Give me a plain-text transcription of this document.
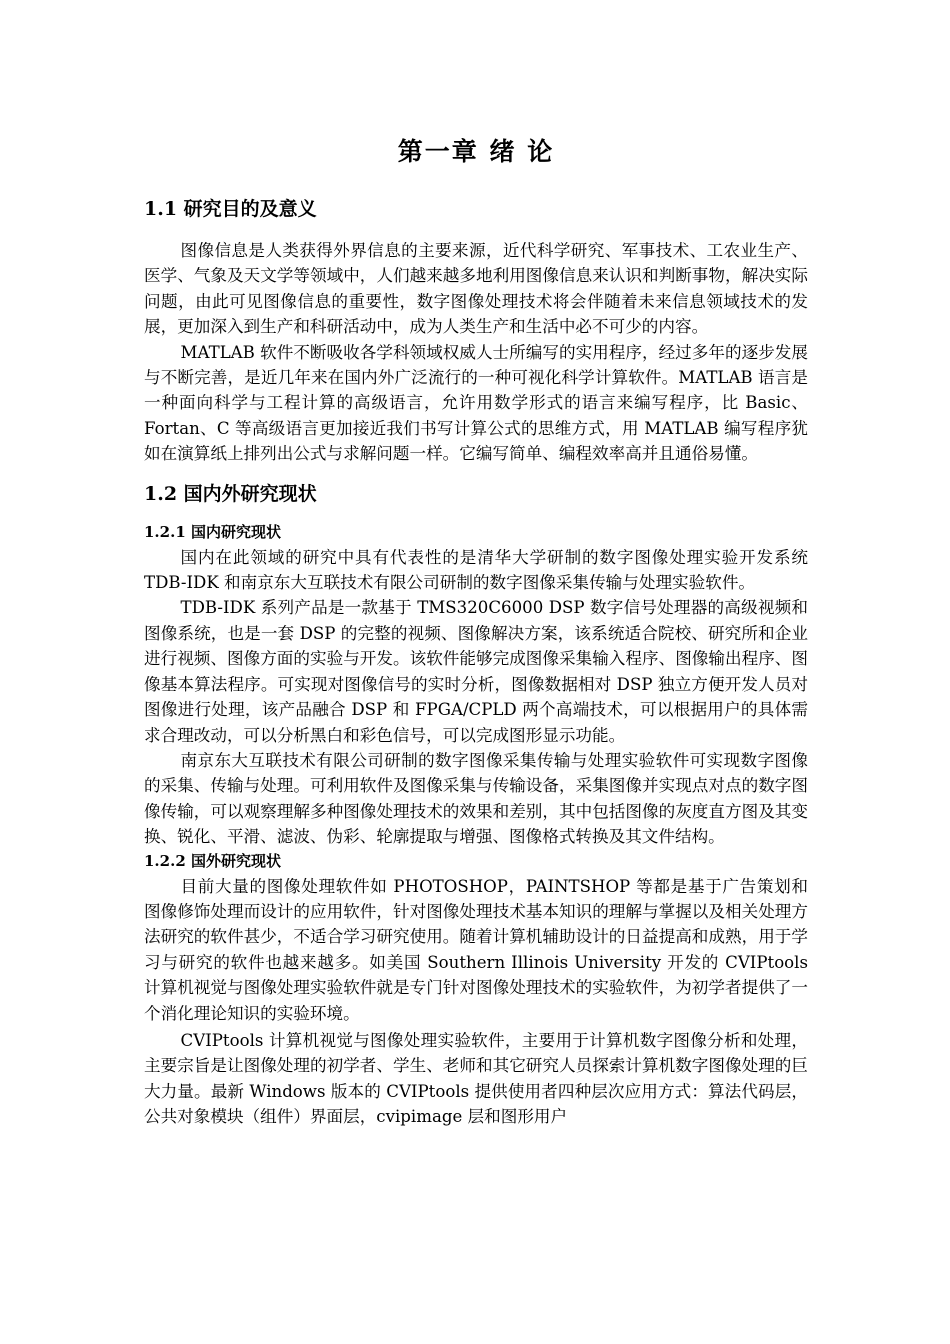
第一章 绪 论
1.1 研究目的及意义

图像信息是人类获得外界信息的主要来源，近代科学研究、军事技术、工农业生产、医学、气象及天文学等领域中，人们越来越多地利用图像信息来认识和判断事物，解决实际问题，由此可见图像信息的重要性，数字图像处理技术将会伴随着未来信息领域技术的发展，更加深入到生产和科研活动中，成为人类生产和生活中必不可少的内容。

MATLAB 软件不断吸收各学科领域权威人士所编写的实用程序，经过多年的逐步发展与不断完善，是近几年来在国内外广泛流行的一种可视化科学计算软件。MATLAB 语言是一种面向科学与工程计算的高级语言，允许用数学形式的语言来编写程序，比 Basic、Fortan、C 等高级语言更加接近我们书写计算公式的思维方式，用 MATLAB 编写程序犹如在演算纸上排列出公式与求解问题一样。它编写简单、编程效率高并且通俗易懂。

1.2 国内外研究现状
1.2.1 国内研究现状

国内在此领域的研究中具有代表性的是清华大学研制的数字图像处理实验开发系统 TDB-IDK 和南京东大互联技术有限公司研制的数字图像采集传输与处理实验软件。

TDB-IDK 系列产品是一款基于 TMS320C6000 DSP 数字信号处理器的高级视频和图像系统，也是一套 DSP 的完整的视频、图像解决方案，该系统适合院校、研究所和企业进行视频、图像方面的实验与开发。该软件能够完成图像采集输入程序、图像输出程序、图像基本算法程序。可实现对图像信号的实时分析，图像数据相对 DSP 独立方便开发人员对图像进行处理，该产品融合 DSP 和 FPGA/CPLD 两个高端技术，可以根据用户的具体需求合理改动，可以分析黑白和彩色信号，可以完成图形显示功能。

南京东大互联技术有限公司研制的数字图像采集传输与处理实验软件可实现数字图像的采集、传输与处理。可利用软件及图像采集与传输设备，采集图像并实现点对点的数字图像传输，可以观察理解多种图像处理技术的效果和差别，其中包括图像的灰度直方图及其变换、锐化、平滑、滤波、伪彩、轮廓提取与增强、图像格式转换及其文件结构。

1.2.2 国外研究现状

目前大量的图像处理软件如 PHOTOSHOP，PAINTSHOP 等都是基于广告策划和图像修饰处理而设计的应用软件，针对图像处理技术基本知识的理解与掌握以及相关处理方法研究的软件甚少，不适合学习研究使用。随着计算机辅助设计的日益提高和成熟，用于学习与研究的软件也越来越多。如美国 Southern Illinois University 开发的 CVIPtools 计算机视觉与图像处理实验软件就是专门针对图像处理技术的实验软件，为初学者提供了一个消化理论知识的实验环境。

CVIPtools 计算机视觉与图像处理实验软件，主要用于计算机数字图像分析和处理，主要宗旨是让图像处理的初学者、学生、老师和其它研究人员探索计算机数字图像处理的巨大力量。最新 Windows 版本的 CVIPtools 提供使用者四种层次应用方式：算法代码层，公共对象模块（组件）界面层，cvipimage 层和图形用户
